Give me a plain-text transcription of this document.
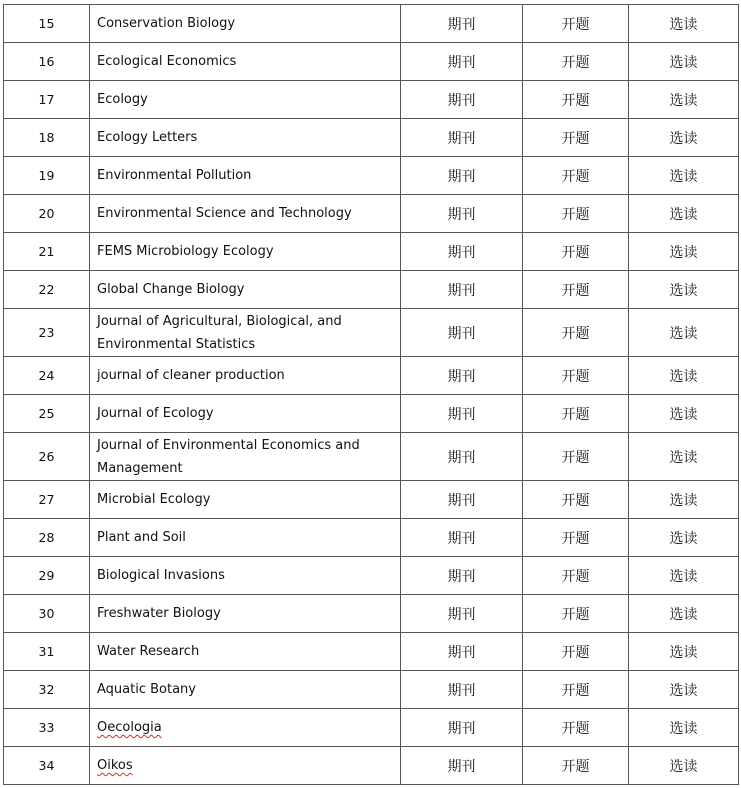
15	Conservation Biology	期刊	开题	选读
16	Ecological Economics	期刊	开题	选读
17	Ecology	期刊	开题	选读
18	Ecology Letters	期刊	开题	选读
19	Environmental Pollution	期刊	开题	选读
20	Environmental Science and Technology	期刊	开题	选读
21	FEMS Microbiology Ecology	期刊	开题	选读
22	Global Change Biology	期刊	开题	选读
23	Journal of Agricultural, Biological, and Environmental Statistics	期刊	开题	选读
24	journal of cleaner production	期刊	开题	选读
25	Journal of Ecology	期刊	开题	选读
26	Journal of Environmental Economics and Management	期刊	开题	选读
27	Microbial Ecology	期刊	开题	选读
28	Plant and Soil	期刊	开题	选读
29	Biological Invasions	期刊	开题	选读
30	Freshwater Biology	期刊	开题	选读
31	Water Research	期刊	开题	选读
32	Aquatic Botany	期刊	开题	选读
33	Oecologia	期刊	开题	选读
34	Oikos	期刊	开题	选读
